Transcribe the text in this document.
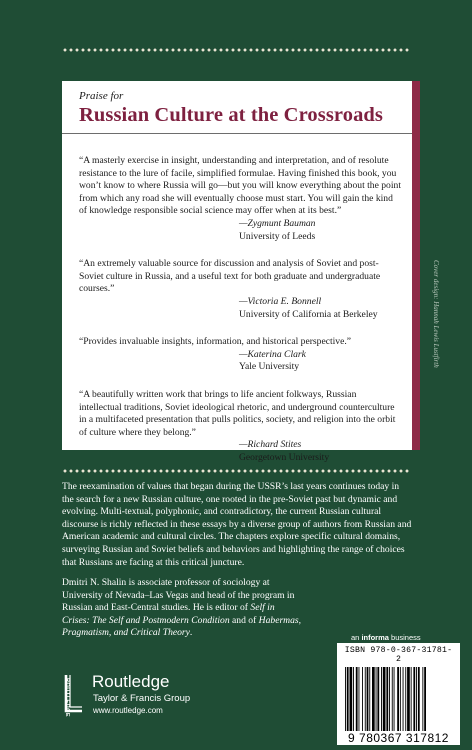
Praise for

Russian Culture at the Crossroads

“A masterly exercise in insight, understanding and interpretation, and of resolute resistance to the lure of facile, simplified formulae. Having finished this book, you won’t know to where Russia will go—but you will know everything about the point from which any road she will eventually choose must start. You will gain the kind of knowledge responsible social science may offer when at its best.”

—Zygmunt Bauman
University of Leeds

“An extremely valuable source for discussion and analysis of Soviet and post-Soviet culture in Russia, and a useful text for both graduate and undergraduate courses.”

—Victoria E. Bonnell
University of California at Berkeley

“Provides invaluable insights, information, and historical perspective.”

—Katerina Clark
Yale University

“A beautifully written work that brings to life ancient folkways, Russian intellectual traditions, Soviet ideological rhetoric, and underground counterculture in a multifaceted presentation that pulls politics, society, and religion into the orbit of culture where they belong.”

—Richard Stites
Georgetown University
Cover design: Hannah Lewis Lustfirth

The reexamination of values that began during the USSR’s last years continues today in the search for a new Russian culture, one rooted in the pre-Soviet past but dynamic and evolving. Multi-textual, polyphonic, and contradictory, the current Russian cultural discourse is richly reflected in these essays by a diverse group of authors from Russian and American academic and cultural circles. The chapters explore specific cultural domains, surveying Russian and Soviet beliefs and behaviors and highlighting the range of choices that Russians are facing at this critical juncture.

Dmitri N. Shalin is associate professor of sociology at University of Nevada–Las Vegas and head of the program in Russian and East-Central studies. He is editor of Self in Crises: The Self and Postmodern Condition and of Habermas, Pragmatism, and Critical Theory.	an informa business
ISBN 978-0-367-31781-2
9 780367 317812
ROUTLEDGE Routledge

Taylor & Francis Group

www.routledge.com
